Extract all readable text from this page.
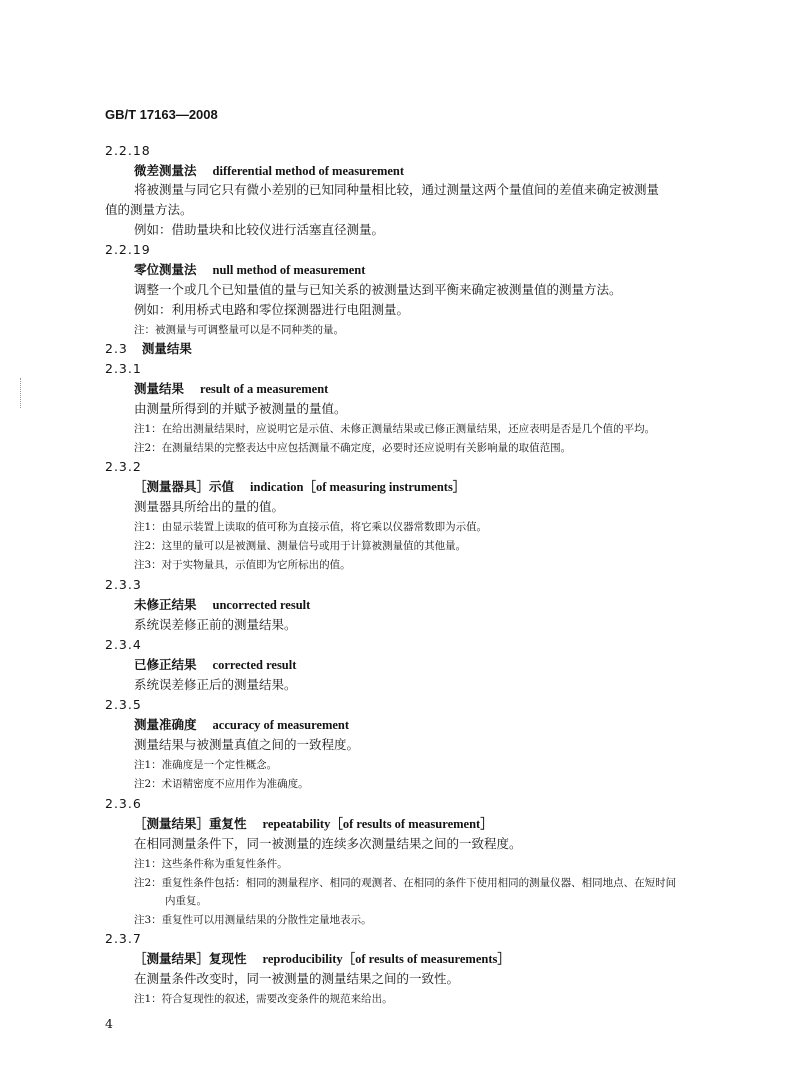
GB/T 17163—2008
2.2.18
微差测量法 differential method of measurement
将被测量与同它只有微小差别的已知同种量相比较，通过测量这两个量值间的差值来确定被测量
值的测量方法。
例如：借助量块和比较仪进行活塞直径测量。
2.2.19
零位测量法 null method of measurement
调整一个或几个已知量值的量与已知关系的被测量达到平衡来确定被测量值的测量方法。
例如：利用桥式电路和零位探测器进行电阻测量。
注：被测量与可调整量可以是不同种类的量。
2.3 测量结果
2.3.1
测量结果 result of a measurement
由测量所得到的并赋予被测量的量值。
注1：在给出测量结果时，应说明它是示值、未修正测量结果或已修正测量结果，还应表明是否是几个值的平均。
注2：在测量结果的完整表达中应包括测量不确定度，必要时还应说明有关影响量的取值范围。
2.3.2
［测量器具］示值 indication［of measuring instruments］
测量器具所给出的量的值。
注1：由显示装置上读取的值可称为直接示值，将它乘以仪器常数即为示值。
注2：这里的量可以是被测量、测量信号或用于计算被测量值的其他量。
注3：对于实物量具，示值即为它所标出的值。
2.3.3
未修正结果 uncorrected result
系统误差修正前的测量结果。
2.3.4
已修正结果 corrected result
系统误差修正后的测量结果。
2.3.5
测量准确度 accuracy of measurement
测量结果与被测量真值之间的一致程度。
注1：准确度是一个定性概念。
注2：术语精密度不应用作为准确度。
2.3.6
［测量结果］重复性 repeatability［of results of measurement］
在相同测量条件下，同一被测量的连续多次测量结果之间的一致程度。
注1：这些条件称为重复性条件。
注2：重复性条件包括：相同的测量程序、相同的观测者、在相同的条件下使用相同的测量仪器、相同地点、在短时间
内重复。
注3：重复性可以用测量结果的分散性定量地表示。
2.3.7
［测量结果］复现性 reproducibility［of results of measurements］
在测量条件改变时，同一被测量的测量结果之间的一致性。
注1：符合复现性的叙述，需要改变条件的规范来给出。
4
